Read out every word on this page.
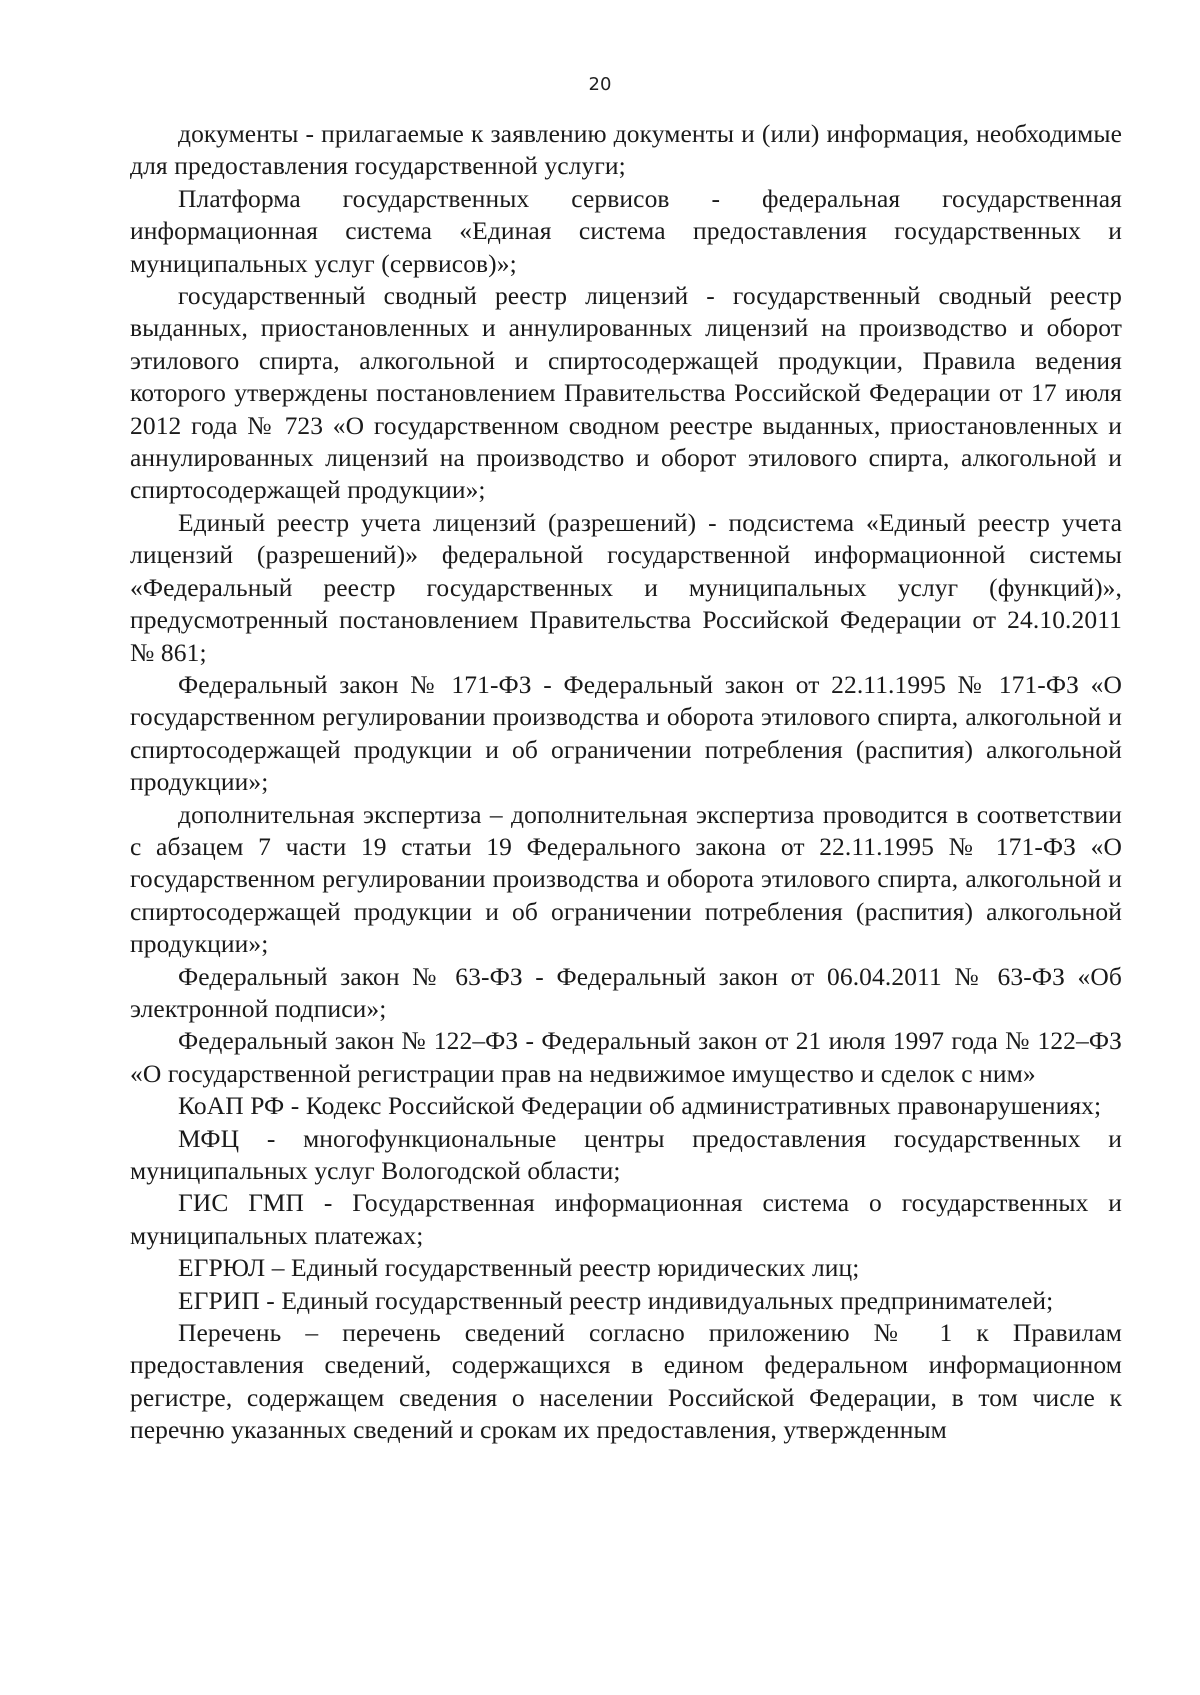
20

документы - прилагаемые к заявлению документы и (или) информация, необходимые для предоставления государственной услуги;

Платформа государственных сервисов - федеральная государственная информационная система «Единая система предоставления государственных и муниципальных услуг (сервисов)»;

государственный сводный реестр лицензий - государственный сводный реестр выданных, приостановленных и аннулированных лицензий на производство и оборот этилового спирта, алкогольной и спиртосодержащей продукции, Правила ведения которого утверждены постановлением Правительства Российской Федерации от 17 июля 2012 года № 723 «О государственном сводном реестре выданных, приостановленных и аннулированных лицензий на производство и оборот этилового спирта, алкогольной и спиртосодержащей продукции»;

Единый реестр учета лицензий (разрешений) - подсистема «Единый реестр учета лицензий (разрешений)» федеральной государственной информационной системы «Федеральный реестр государственных и муниципальных услуг (функций)», предусмотренный постановлением Правительства Российской Федерации от 24.10.2011 № 861;

Федеральный закон № 171-ФЗ - Федеральный закон от 22.11.1995 № 171-ФЗ «О государственном регулировании производства и оборота этилового спирта, алкогольной и спиртосодержащей продукции и об ограничении потребления (распития) алкогольной продукции»;

дополнительная экспертиза – дополнительная экспертиза проводится в соответствии с абзацем 7 части 19 статьи 19 Федерального закона от 22.11.1995 № 171-ФЗ «О государственном регулировании производства и оборота этилового спирта, алкогольной и спиртосодержащей продукции и об ограничении потребления (распития) алкогольной продукции»;

Федеральный закон № 63-ФЗ - Федеральный закон от 06.04.2011 № 63-ФЗ «Об электронной подписи»;

Федеральный закон № 122–ФЗ - Федеральный закон от 21 июля 1997 года № 122–ФЗ «О государственной регистрации прав на недвижимое имущество и сделок с ним»

КоАП РФ - Кодекс Российской Федерации об административных правонарушениях;

МФЦ - многофункциональные центры предоставления государственных и муниципальных услуг Вологодской области;

ГИС ГМП - Государственная информационная система о государственных и муниципальных платежах;

ЕГРЮЛ – Единый государственный реестр юридических лиц;

ЕГРИП - Единый государственный реестр индивидуальных предпринимателей;

Перечень – перечень сведений согласно приложению № 1 к Правилам предоставления сведений, содержащихся в едином федеральном информационном регистре, содержащем сведения о населении Российской Федерации, в том числе к перечню указанных сведений и срокам их предоставления, утвержденным
